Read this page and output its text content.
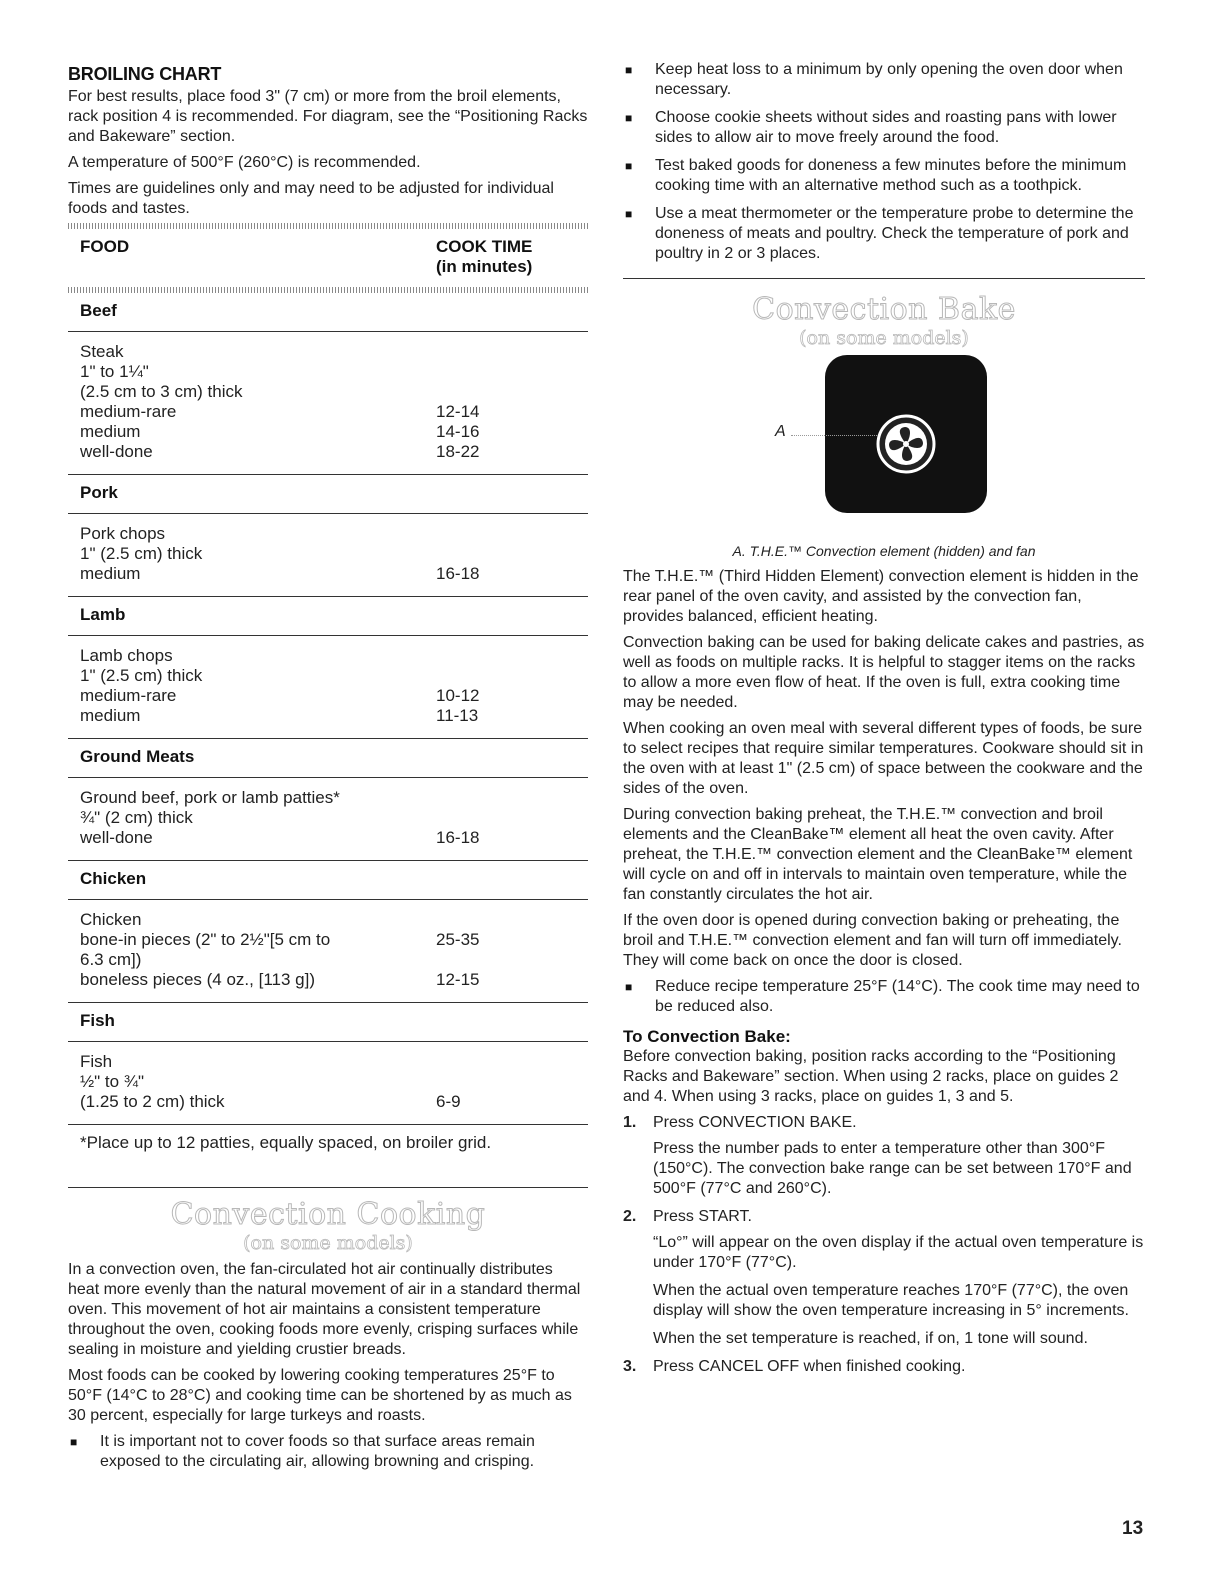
BROILING CHART

For best results, place food 3" (7 cm) or more from the broil elements, rack position 4 is recommended. For diagram, see the “Positioning Racks and Bakeware” section.

A temperature of 500°F (260°C) is recommended.

Times are guidelines only and may need to be adjusted for individual foods and tastes.

FOOD	COOK TIME
(in minutes)
Beef
Steak
1" to 1¼"
(2.5 cm to 3 cm) thick
medium-rare	12-14
medium	14-16
well-done	18-22
Pork
Pork chops
1" (2.5 cm) thick
medium	16-18
Lamb
Lamb chops
1" (2.5 cm) thick
medium-rare	10-12
medium	11-13
Ground Meats
Ground beef, pork or lamb patties*
¾" (2 cm) thick
well-done	16-18
Chicken
Chicken
bone-in pieces (2" to 2½"[5 cm to	25-35
6.3 cm])
boneless pieces (4 oz., [113 g])	12-15
Fish
Fish
½" to ¾"
(1.25 to 2 cm) thick	6-9
*Place up to 12 patties, equally spaced, on broiler grid.
Convection Cooking
(on some models)

In a convection oven, the fan-circulated hot air continually distributes heat more evenly than the natural movement of air in a standard thermal oven. This movement of hot air maintains a consistent temperature throughout the oven, cooking foods more evenly, crisping surfaces while sealing in moisture and yielding crustier breads.

Most foods can be cooked by lowering cooking temperatures 25°F to 50°F (14°C to 28°C) and cooking time can be shortened by as much as 30 percent, especially for large turkeys and roasts.

■	It is important not to cover foods so that surface areas remain exposed to the circulating air, allowing browning and crisping.
■	Keep heat loss to a minimum by only opening the oven door when necessary.
■	Choose cookie sheets without sides and roasting pans with lower sides to allow air to move freely around the food.
■	Test baked goods for doneness a few minutes before the minimum cooking time with an alternative method such as a toothpick.
■	Use a meat thermometer or the temperature probe to determine the doneness of meats and poultry. Check the temperature of pork and poultry in 2 or 3 places.
Convection Bake
(on some models)
A

A. T.H.E.™ Convection element (hidden) and fan

The T.H.E.™ (Third Hidden Element) convection element is hidden in the rear panel of the oven cavity, and assisted by the convection fan, provides balanced, efficient heating.

Convection baking can be used for baking delicate cakes and pastries, as well as foods on multiple racks. It is helpful to stagger items on the racks to allow a more even flow of heat. If the oven is full, extra cooking time may be needed.

When cooking an oven meal with several different types of foods, be sure to select recipes that require similar temperatures. Cookware should sit in the oven with at least 1" (2.5 cm) of space between the cookware and the sides of the oven.

During convection baking preheat, the T.H.E.™ convection and broil elements and the CleanBake™ element all heat the oven cavity. After preheat, the T.H.E.™ convection element and the CleanBake™ element will cycle on and off in intervals to maintain oven temperature, while the fan constantly circulates the hot air.

If the oven door is opened during convection baking or preheating, the broil and T.H.E.™ convection element and fan will turn off immediately. They will come back on once the door is closed.

■	Reduce recipe temperature 25°F (14°C). The cook time may need to be reduced also.
To Convection Bake:

Before convection baking, position racks according to the “Positioning Racks and Bakeware” section. When using 2 racks, place on guides 2 and 4. When using 3 racks, place on guides 1, 3 and 5.

1.	Press CONVECTION BAKE.

Press the number pads to enter a temperature other than 300°F (150°C). The convection bake range can be set between 170°F and 500°F (77°C and 260°C).

2.	Press START.

“Lo°” will appear on the oven display if the actual oven temperature is under 170°F (77°C).

When the actual oven temperature reaches 170°F (77°C), the oven display will show the oven temperature increasing in 5° increments.

When the set temperature is reached, if on, 1 tone will sound.

3.	Press CANCEL OFF when finished cooking.
13
